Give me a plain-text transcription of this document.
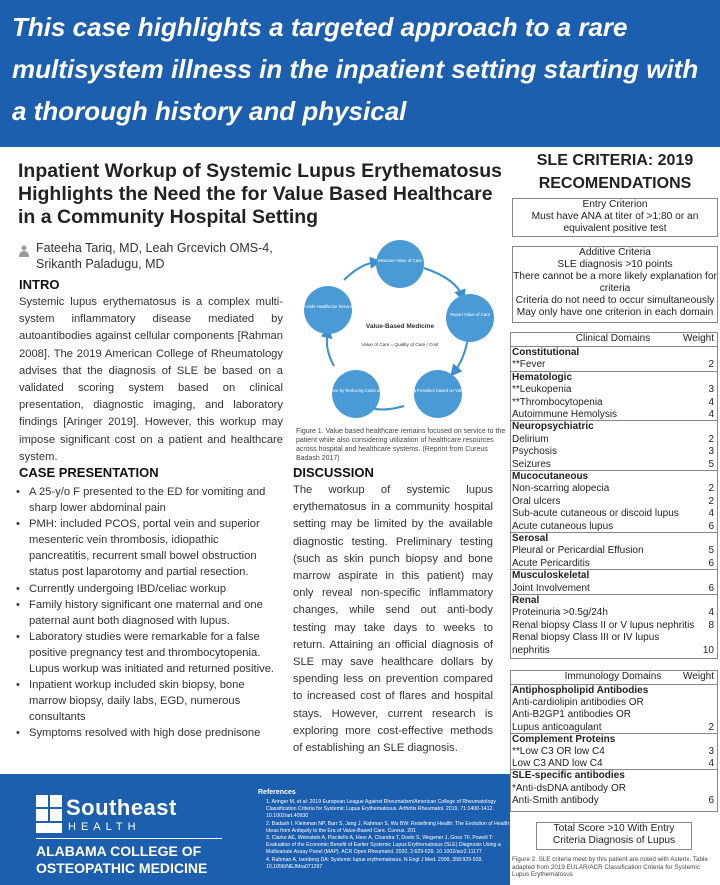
This case highlights a targeted approach to a rare multisystem illness in the inpatient setting starting with a thorough history and physical
Inpatient Workup of Systemic Lupus Erythematosus Highlights the Need the for Value Based Healthcare in a Community Hospital Setting
Fateeha Tariq, MD, Leah Grcevich OMS-4, Srikanth Paladugu, MD
INTRO
Systemic lupus erythematosus is a complex multi-system inflammatory disease mediated by autoantibodies against cellular components [Rahman 2008]. The 2019 American College of Rheumatology advises that the diagnosis of SLE be based on a validated scoring system based on clinical presentation, diagnostic imaging, and laboratory findings [Aringer 2019]. However, this workup may impose significant cost on a patient and healthcare system.
Measure Value of Care
Report Value of Care
Reimburse Providers based on Value of Care
Improve Value of Care by Reducing Costs or Increasing Quality
Provide Healthcare Services
Value-Based Medicine
Value of Care = Quality of Care / Cost
Figure 1. Value based healthcare remains focused on service to the patient while also considering utilization of healthcare resources across hospital and healthcare systems. (Reprint from Cureus Badash 2017)
CASE PRESENTATION
• A 25-y/o F presented to the ED for vomiting and sharp lower abdominal pain
• PMH: included PCOS, portal vein and superior mesenteric vein thrombosis, idiopathic pancreatitis, recurrent small bowel obstruction status post laparotomy and partial resection.
• Currently undergoing IBD/celiac workup
• Family history significant one maternal and one paternal aunt both diagnosed with lupus.
• Laboratory studies were remarkable for a false positive pregnancy test and thrombocytopenia. Lupus workup was initiated and returned positive.
• Inpatient workup included skin biopsy, bone marrow biopsy, daily labs, EGD, numerous consultants
• Symptoms resolved with high dose prednisone
DISCUSSION
The workup of systemic lupus erythematosus in a community hospital setting may be limited by the available diagnostic testing. Preliminary testing (such as skin punch biopsy and bone marrow aspirate in this patient) may only reveal non-specific inflammatory changes, while send out anti-body testing may take days to weeks to return. Attaining an official diagnosis of SLE may save healthcare dollars by spending less on prevention compared to increased cost of flares and hospital stays. However, current research is exploring more cost-effective methods of establishing an SLE diagnosis.
Southeast
HEALTH
ALABAMA COLLEGE OF OSTEOPATHIC MEDICINE
References
1. Aringer M, et al: 2019 European League Against Rheumatism/American College of Rheumatology Classification Criteria for Systemic Lupus Erythematosus. Arthritis Rheumatol. 2019, 71:1400-1412. 10.1002/art.40930
2. Badash I, Kleinman NP, Barr S, Jang J, Rahman S, Wu BW: Redefining Health: The Evolution of Health Ideas from Antiquity to the Era of Value-Based Care. Cureus. 201
3. Clarke AE, Weinstein A, Piscitello A, Heer A, Chandra T, Doshi S, Wegener J, Goss TF, Powell T: Evaluation of the Economic Benefit of Earlier Systemic Lupus Erythematosus (SLE) Diagnosis Using a Multivariate Assay Panel (MAP). ACR Open Rheumatol. 2020, 2:629-639. 10.1002/acr2.11177
4. Rahman A, Isenberg DA: Systemic lupus erythematosus. N Engl J Med. 2008, 358:929-939. 10.1056/NEJMra071297
SLE CRITERIA: 2019 RECOMENDATIONS
Entry Criterion
Must have ANA at titer of >1:80 or an equivalent positive test
Additive Criteria
SLE diagnosis >10 points
There cannot be a more likely explanation for criteria
Criteria do not need to occur simultaneously
May only have one criterion in each domain
Clinical Domains	Weight
Constitutional
**Fever	2
Hematologic
**Leukopenia	3
**Thrombocytopenia	4
Autoimmune Hemolysis	4
Neuropsychiatric
Delirium	2
Psychosis	3
Seizures	5
Mucocutaneous
Non-scarring alopecia	2
Oral ulcers	2
Sub-acute cutaneous or discoid lupus	4
Acute cutaneous lupus	6
Serosal
Pleural or Pericardial Effusion	5
Acute Pericarditis	6
Musculoskeletal
Joint Involvement	6
Renal
Proteinuria >0.5g/24h	4
Renal biopsy Class II or V lupus nephritis 8
Renal biopsy Class III or IV lupus
nephritis	10
Immunology Domains Weight
Antiphospholipid Antibodies
Anti-cardiolipin antibodies OR
Anti-B2GP1 antibodies OR
Lupus anticoagulant	2
Complement Proteins
**Low C3 OR low C4	3
Low C3 AND low C4	4
SLE-specific antibodies
*Anti-dsDNA antibody OR
Anti-Smith antibody	6
Total Score >10 With Entry Criteria Diagnosis of Lupus
Figure 2. SLE criteria meet by this patient are noted with Asterix. Table adapted from 2019 EULAR/ACR Classification Criteria for Systemic Lupus Erythematosus
